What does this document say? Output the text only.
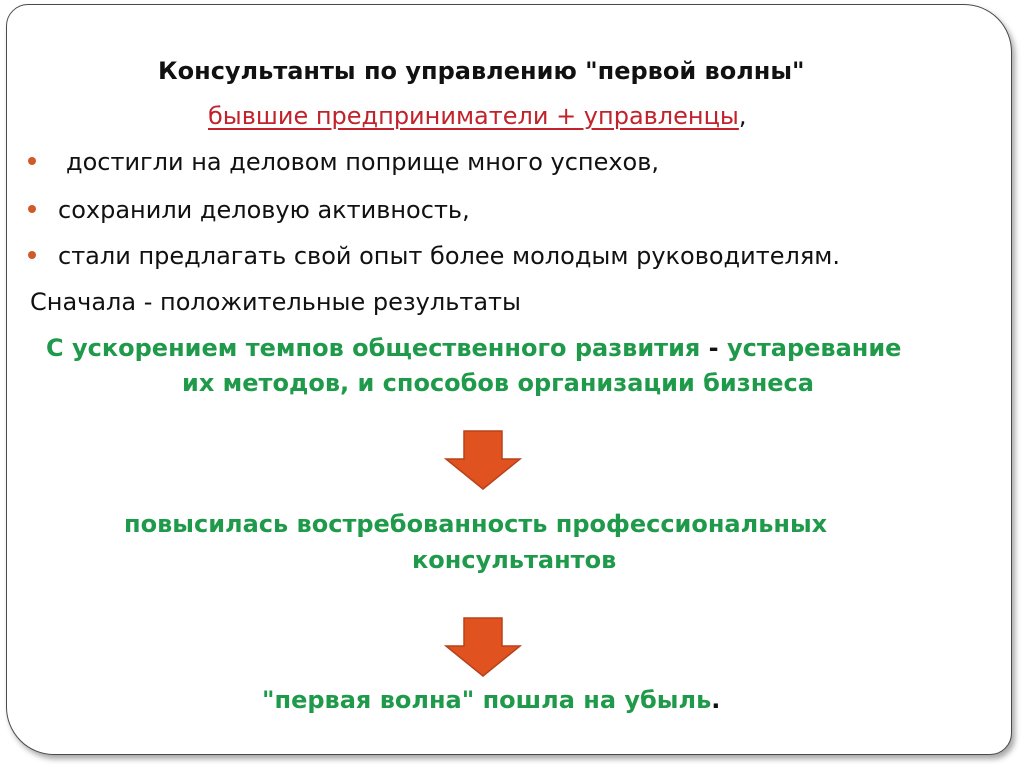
Консультанты по управлению "первой волны"
бывшие предприниматели + управленцы,
достигли на деловом поприще много успехов,
сохранили деловую активность,
стали предлагать свой опыт более молодым руководителям.
Сначала - положительные результаты
С ускорением темпов общественного развития - устаревание
их методов, и способов организации бизнеса
повысилась востребованность профессиональных
консультантов
"первая волна" пошла на убыль.
